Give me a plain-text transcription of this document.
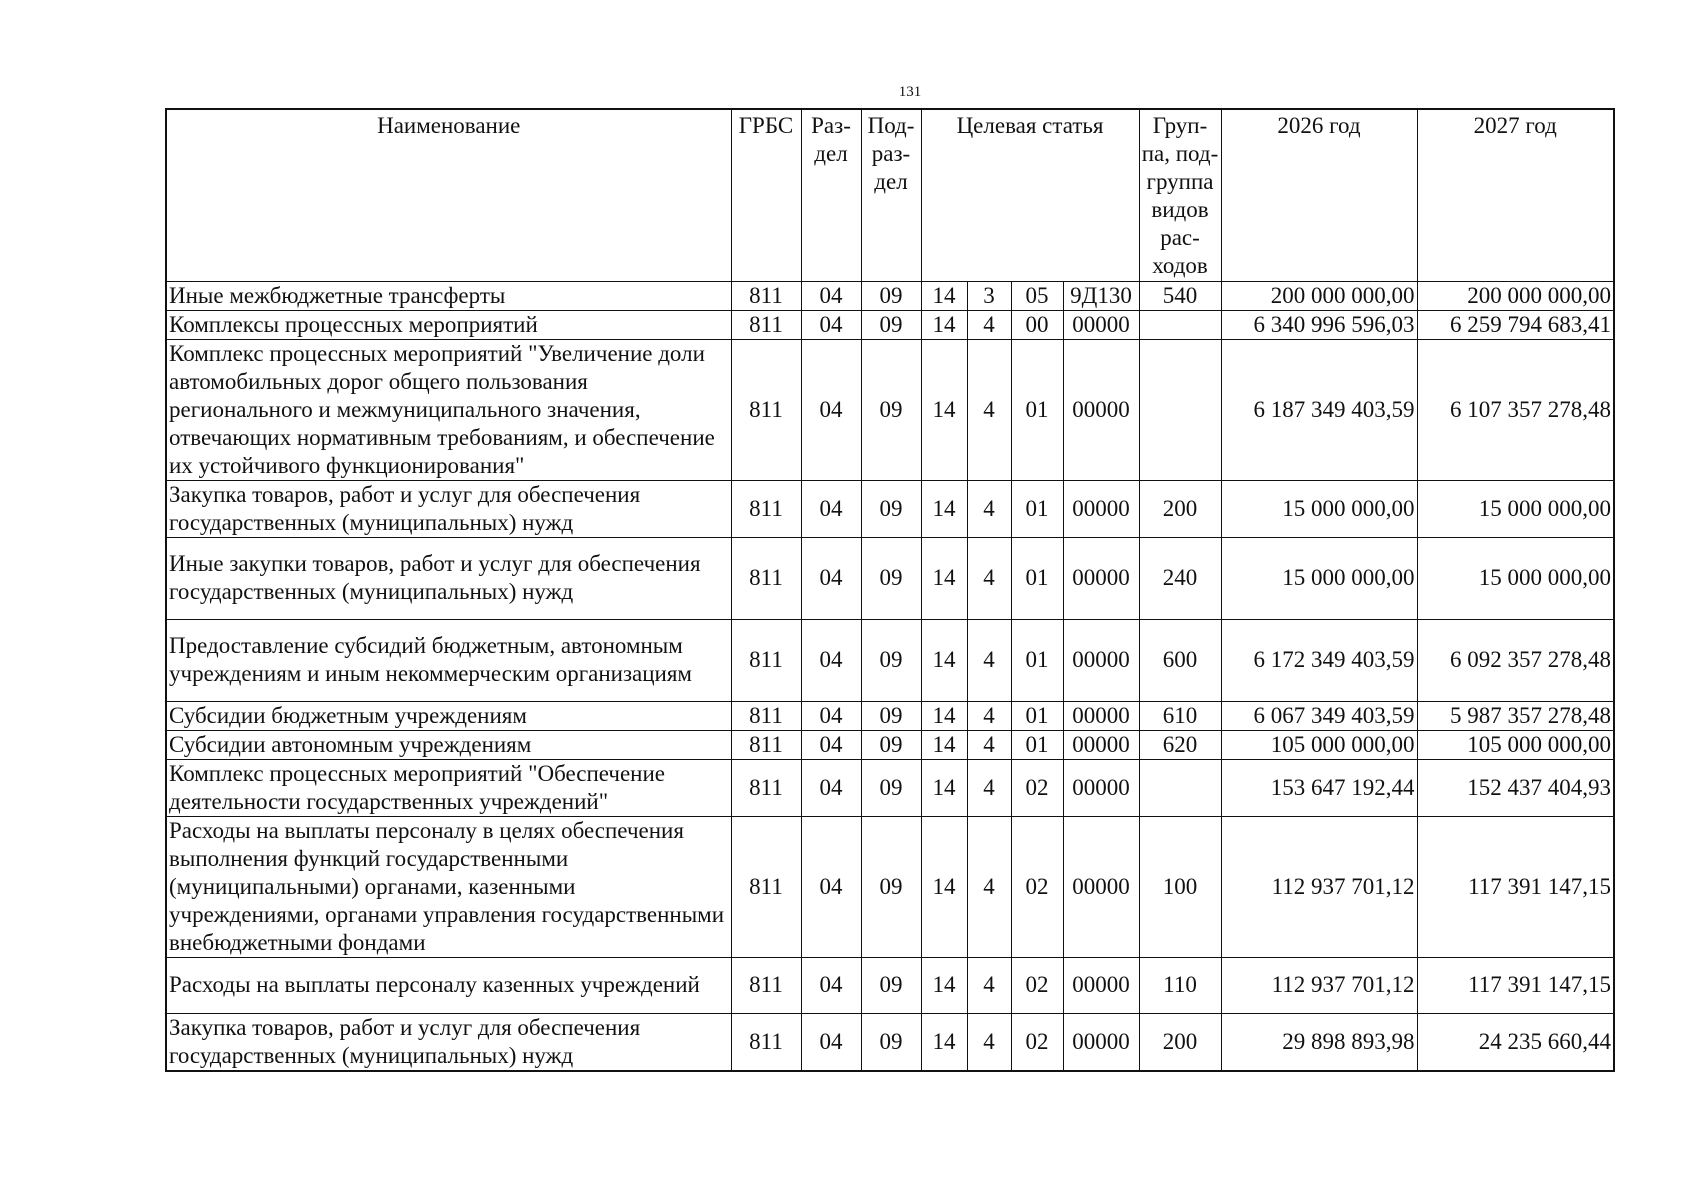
131
Наименование	ГРБС	Раз-дел	Под-раз-дел	Целевая статья				Груп-па, под-группа видов рас-ходов	2026 год	2027 год
Иные межбюджетные трансферты	811	04	09	14	3	05	9Д130	540	200 000 000,00	200 000 000,00
Комплексы процессных мероприятий	811	04	09	14	4	00	00000		6 340 996 596,03	6 259 794 683,41
Комплекс процессных мероприятий "Увеличение доли автомобильных дорог общего пользования регионального и межмуниципального значения, отвечающих нормативным требованиям, и обеспечение их устойчивого функционирования"	811	04	09	14	4	01	00000		6 187 349 403,59	6 107 357 278,48
Закупка товаров, работ и услуг для обеспечения государственных (муниципальных) нужд	811	04	09	14	4	01	00000	200	15 000 000,00	15 000 000,00
Иные закупки товаров, работ и услуг для обеспечения государственных (муниципальных) нужд	811	04	09	14	4	01	00000	240	15 000 000,00	15 000 000,00
Предоставление субсидий бюджетным, автономным учреждениям и иным некоммерческим организациям	811	04	09	14	4	01	00000	600	6 172 349 403,59	6 092 357 278,48
Субсидии бюджетным учреждениям	811	04	09	14	4	01	00000	610	6 067 349 403,59	5 987 357 278,48
Субсидии автономным учреждениям	811	04	09	14	4	01	00000	620	105 000 000,00	105 000 000,00
Комплекс процессных мероприятий "Обеспечение деятельности государственных учреждений"	811	04	09	14	4	02	00000		153 647 192,44	152 437 404,93
Расходы на выплаты персоналу в целях обеспечения выполнения функций государственными (муниципальными) органами, казенными учреждениями, органами управления государственными внебюджетными фондами	811	04	09	14	4	02	00000	100	112 937 701,12	117 391 147,15
Расходы на выплаты персоналу казенных учреждений	811	04	09	14	4	02	00000	110	112 937 701,12	117 391 147,15
Закупка товаров, работ и услуг для обеспечения государственных (муниципальных) нужд	811	04	09	14	4	02	00000	200	29 898 893,98	24 235 660,44
